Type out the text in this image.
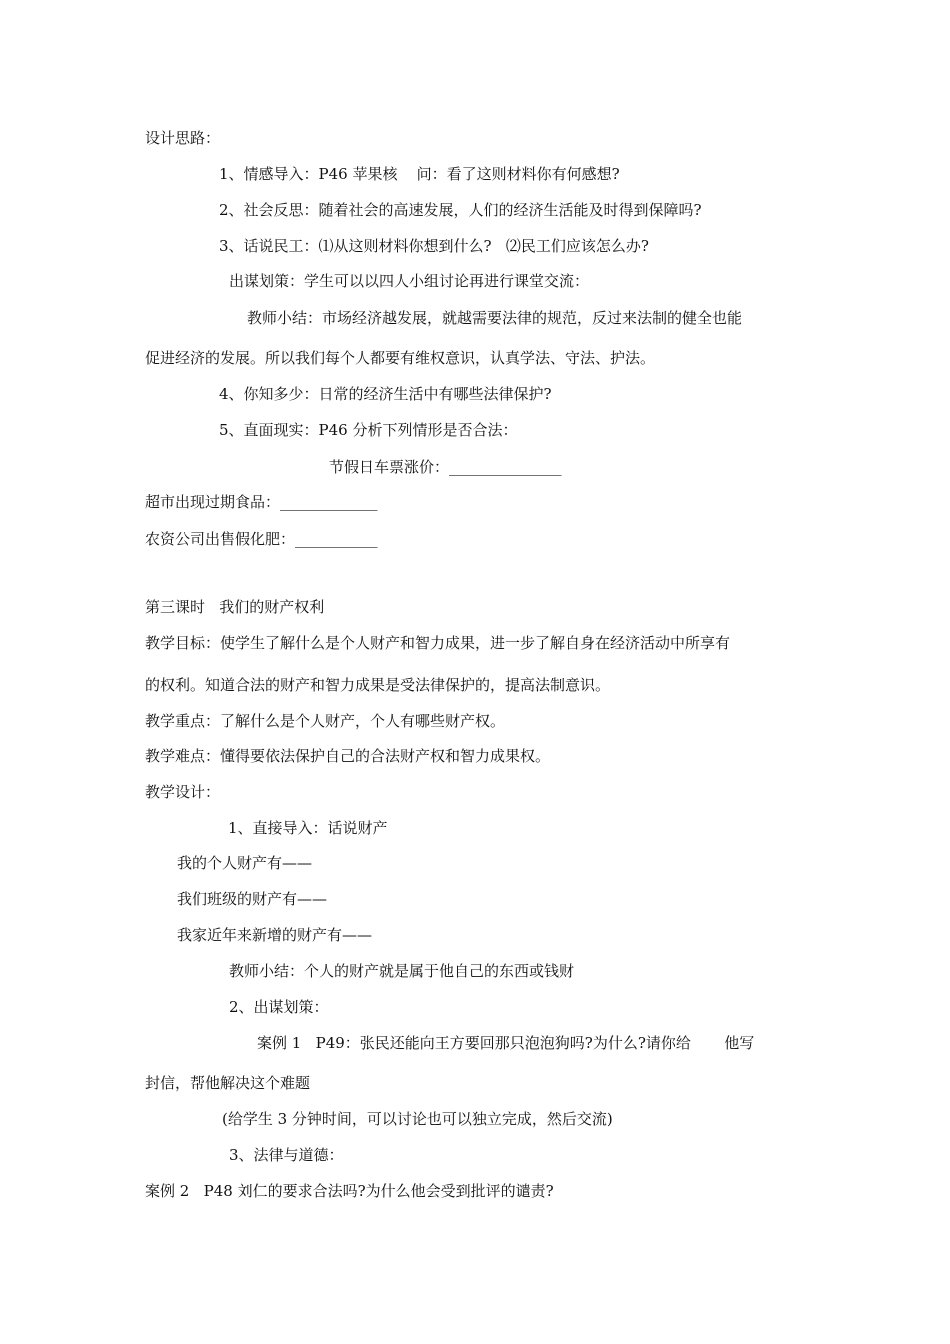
设计思路：
1、情感导入：P46 苹果核    问：看了这则材料你有何感想?
2、社会反思：随着社会的高速发展，人们的经济生活能及时得到保障吗?
3、话说民工：⑴从这则材料你想到什么?   ⑵民工们应该怎么办?
出谋划策：学生可以以四人小组讨论再进行课堂交流：
教师小结：市场经济越发展，就越需要法律的规范，反过来法制的健全也能
促进经济的发展。所以我们每个人都要有维权意识，认真学法、守法、护法。
4、你知多少：日常的经济生活中有哪些法律保护?
5、直面现实：P46 分析下列情形是否合法：
节假日车票涨价：_______________
超市出现过期食品：_____________
农资公司出售假化肥：___________
第三课时   我们的财产权利
教学目标：使学生了解什么是个人财产和智力成果，进一步了解自身在经济活动中所享有
的权利。知道合法的财产和智力成果是受法律保护的，提高法制意识。
教学重点：了解什么是个人财产，个人有哪些财产权。
教学难点：懂得要依法保护自己的合法财产权和智力成果权。
教学设计：
1、直接导入：话说财产
我的个人财产有——
我们班级的财产有——
我家近年来新增的财产有——
教师小结：个人的财产就是属于他自己的东西或钱财
2、出谋划策：
案例 1   P49：张民还能向王方要回那只泡泡狗吗?为什么?请你给       他写
封信，帮他解决这个难题
(给学生 3 分钟时间，可以讨论也可以独立完成，然后交流)
3、法律与道德：
案例 2   P48 刘仁的要求合法吗?为什么他会受到批评的谴责?
